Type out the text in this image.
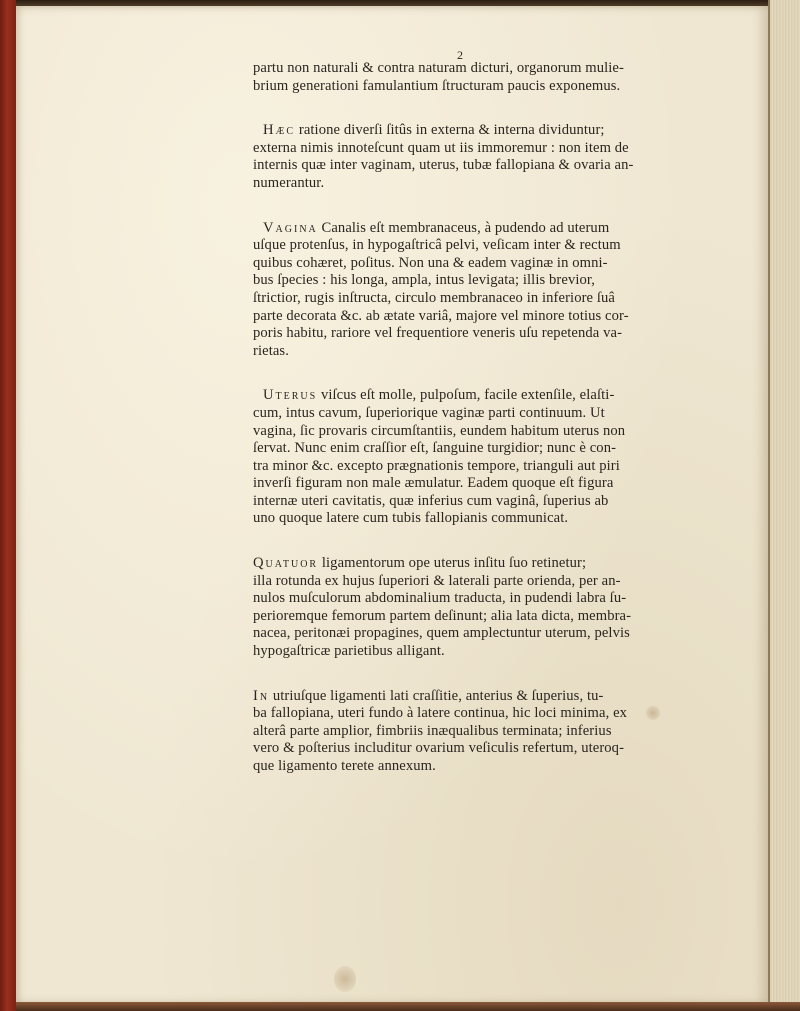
2

partu non naturali & contra naturam dicturi, organorum mulie-
brium generationi famulantium ſtructuram paucis exponemus.

Hæc ratione diverſi ſitûs in externa & interna dividuntur;
externa nimis innoteſcunt quam ut iis immoremur : non item de
internis quæ inter vaginam, uterus, tubæ fallopiana & ovaria an-
numerantur.

Vagina Canalis eſt membranaceus, à pudendo ad uterum
uſque protenſus, in hypogaſtricâ pelvi, veſicam inter & rectum
quibus cohæret, poſitus. Non una & eadem vaginæ in omni-
bus ſpecies : his longa, ampla, intus levigata; illis brevior,
ſtrictior, rugis inſtructa, circulo membranaceo in inferiore ſuâ
parte decorata &c. ab ætate variâ, majore vel minore totius cor-
poris habitu, rariore vel frequentiore veneris uſu repetenda va-
rietas.

Uterus viſcus eſt molle, pulpoſum, facile extenſile, elaſti-
cum, intus cavum, ſuperiorique vaginæ parti continuum. Ut
vagina, ſic provaris circumſtantiis, eundem habitum uterus non
ſervat. Nunc enim craſſior eſt, ſanguine turgidior; nunc è con-
tra minor &c. excepto prægnationis tempore, trianguli aut piri
inverſi figuram non male æmulatur. Eadem quoque eſt figura
internæ uteri cavitatis, quæ inferius cum vaginâ, ſuperius ab
uno quoque latere cum tubis fallopianis communicat.

Quatuor ligamentorum ope uterus inſitu ſuo retinetur;
illa rotunda ex hujus ſuperiori & laterali parte orienda, per an-
nulos muſculorum abdominalium traducta, in pudendi labra ſu-
perioremque femorum partem deſinunt; alia lata dicta, membra-
nacea, peritonæi propagines, quem amplectuntur uterum, pelvis
hypogaſtricæ parietibus alligant.

In utriuſque ligamenti lati craſſitie, anterius & ſuperius, tu-
ba fallopiana, uteri fundo à latere continua, hic loci minima, ex
alterâ parte amplior, fimbriis inæqualibus terminata; inferius
vero & poſterius includitur ovarium veſiculis refertum, uteroq-
que ligamento terete annexum.
